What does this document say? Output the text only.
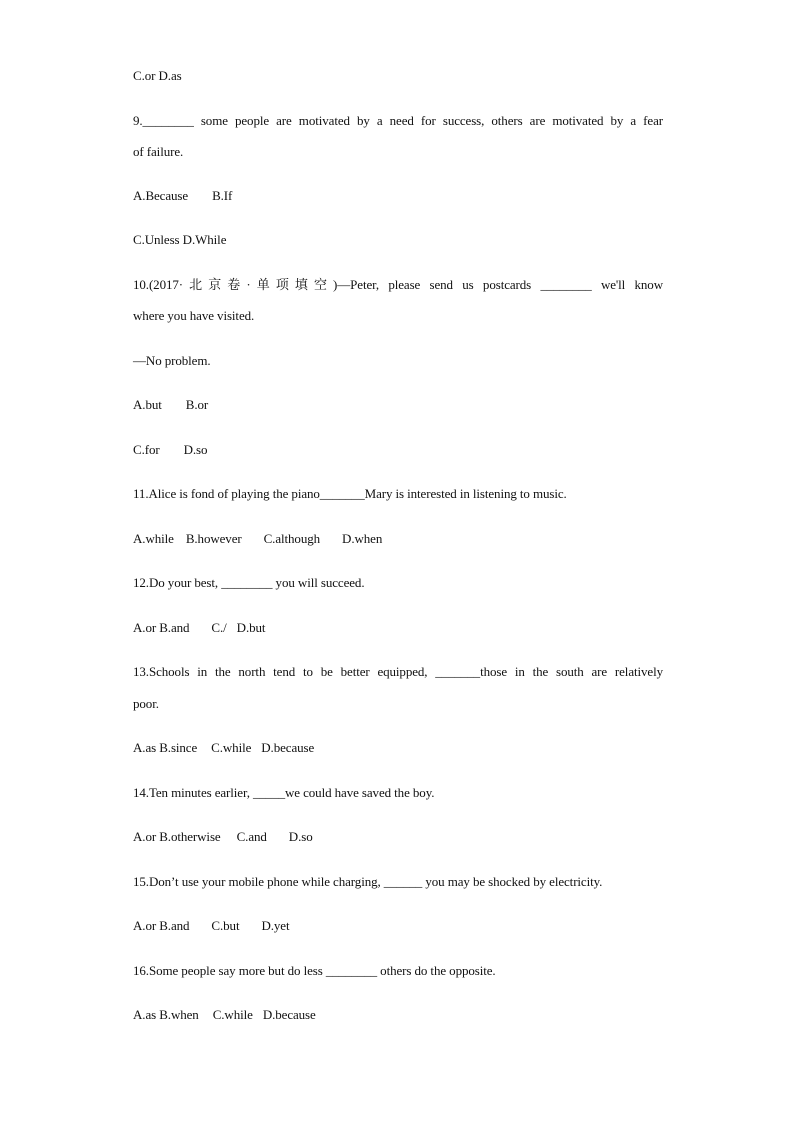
C.or D.as
9.________ some people are motivated by a need for success, others are motivated by a fear
of failure.
A.Because B.If
C.Unless D.While
10.(2017·北京卷·单项填空)—Peter, please send us postcards ________ we'll know
where you have visited.
—No problem.
A.but B.or
C.for D.so
11.Alice is fond of playing the piano_______Mary is interested in listening to music.
A.while B.however C.although D.when
12.Do your best, ________ you will succeed.
A.or B.and C./ D.but
13.Schools in the north tend to be better equipped, _______those in the south are relatively
poor.
A.as B.since C.while D.because
14.Ten minutes earlier, _____we could have saved the boy.
A.or B.otherwise C.and D.so
15.Don’t use your mobile phone while charging, ______ you may be shocked by electricity.
A.or B.and C.but D.yet
16.Some people say more but do less ________ others do the opposite.
A.as B.when C.while D.because
